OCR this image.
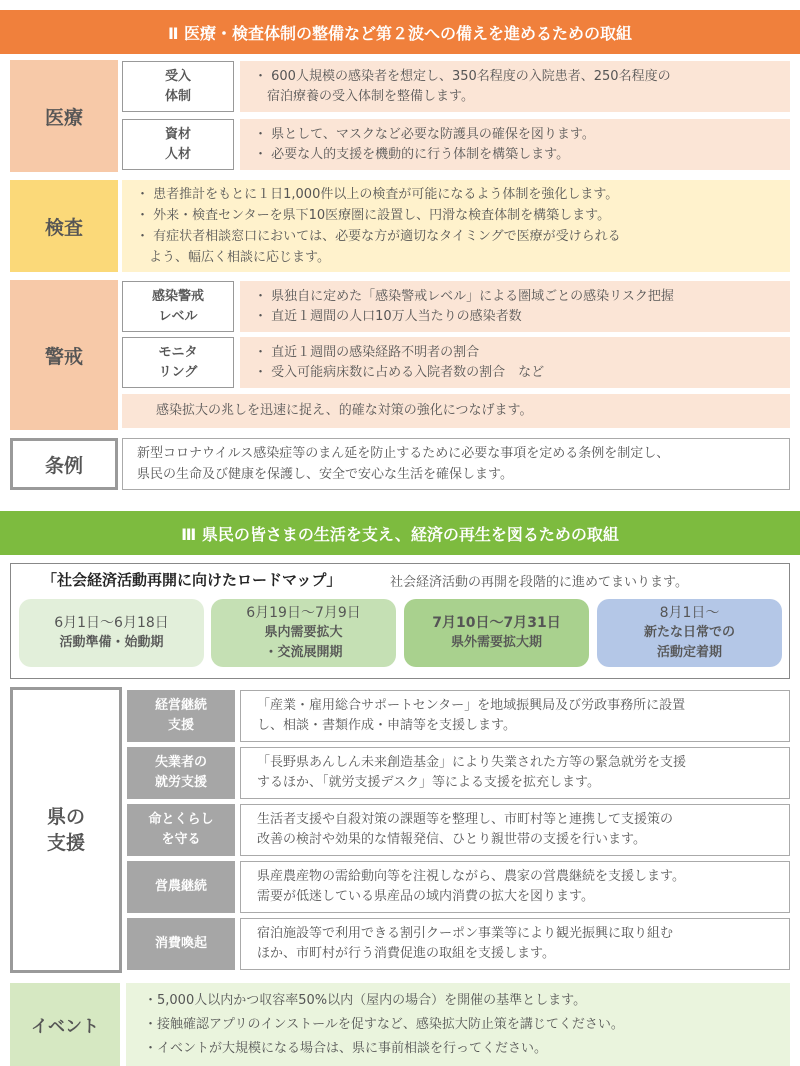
Ⅱ 医療・検査体制の整備など第２波への備えを進めるための取組
医療
受入
体制
・ 600人規模の感染者を想定し、350名程度の入院患者、250名程度の
　宿泊療養の受入体制を整備します。
資材
人材
・ 県として、マスクなど必要な防護具の確保を図ります。
・ 必要な人的支援を機動的に行う体制を構築します。
検査
・ 患者推計をもとに１日1,000件以上の検査が可能になるよう体制を強化します。
・ 外来・検査センターを県下10医療圏に設置し、円滑な検査体制を構築します。
・ 有症状者相談窓口においては、必要な方が適切なタイミングで医療が受けられる
　よう、幅広く相談に応じます。
警戒
感染警戒
レベル
・ 県独自に定めた「感染警戒レベル」による圏域ごとの感染リスク把握
・ 直近１週間の人口10万人当たりの感染者数
モニタ
リング
・ 直近１週間の感染経路不明者の割合
・ 受入可能病床数に占める入院者数の割合　など
感染拡大の兆しを迅速に捉え、的確な対策の強化につなげます。
条例
新型コロナウイルス感染症等のまん延を防止するために必要な事項を定める条例を制定し、
県民の生命及び健康を保護し、安全で安心な生活を確保します。
Ⅲ 県民の皆さまの生活を支え、経済の再生を図るための取組
「社会経済活動再開に向けたロードマップ」	社会経済活動の再開を段階的に進めてまいります。
6月1日～6月18日
活動準備・始動期
6月19日～7月9日
県内需要拡大
・交流展開期
7月10日～7月31日
県外需要拡大期
8月1日～
新たな日常での
活動定着期
県の
支援
経営継続
支援
「産業・雇用総合サポートセンター」を地域振興局及び労政事務所に設置
し、相談・書類作成・申請等を支援します。
失業者の
就労支援
「長野県あんしん未来創造基金」により失業された方等の緊急就労を支援
するほか、「就労支援デスク」等による支援を拡充します。
命とくらし
を守る
生活者支援や自殺対策の課題等を整理し、市町村等と連携して支援策の
改善の検討や効果的な情報発信、ひとり親世帯の支援を行います。
営農継続
県産農産物の需給動向等を注視しながら、農家の営農継続を支援します。
需要が低迷している県産品の域内消費の拡大を図ります。
消費喚起
宿泊施設等で利用できる割引クーポン事業等により観光振興に取り組む
ほか、市町村が行う消費促進の取組を支援します。
イベント
・5,000人以内かつ収容率50%以内（屋内の場合）を開催の基準とします。
・接触確認アプリのインストールを促すなど、感染拡大防止策を講じてください。
・イベントが大規模になる場合は、県に事前相談を行ってください。
